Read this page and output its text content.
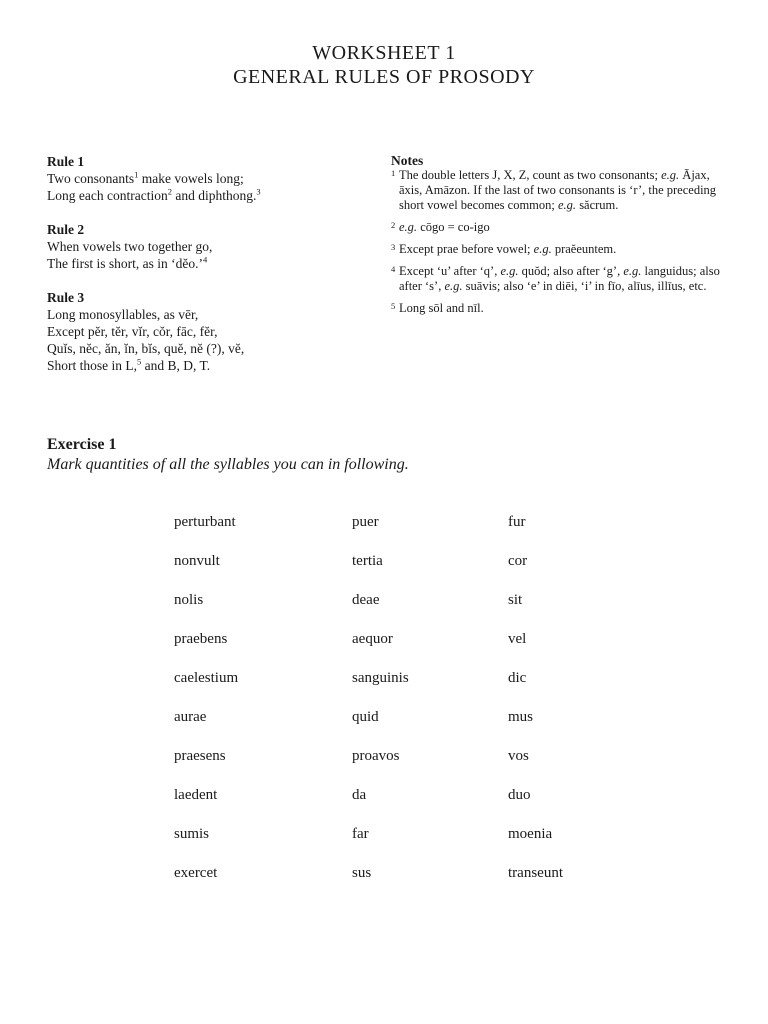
WORKSHEET 1
GENERAL RULES OF PROSODY
Rule 1
Two consonants$^1$ make vowels long;
Long each contraction$^2$ and diphthong.$^3$
Rule 2
When vowels two together go,
The first is short, as in ‘dĕo.’$^4$
Rule 3
Long monosyllables, as vēr,
Except pĕr, tĕr, vĭr, cŏr, fāc, fĕr,
Quĭs, nĕc, ăn, ĭn, bĭs, quĕ, nĕ (?), vĕ,
Short those in L,$^5$ and B, D, T.
Notes
1 The double letters J, X, Z, count as two consonants; e.g. Ājax, āxis, Amāzon. If the last of two consonants is ‘r’, the preceding short vowel becomes common; e.g. săcrum.
2 e.g. cōgo = co-igo
3 Except prae before vowel; e.g. praĕeuntem.
4 Except ‘u’ after ‘q’, e.g. quŏd; also after ‘g’, e.g. languidus; also after ‘s’, e.g. suāvis; also ‘e’ in diēi, ‘i’ in fīo, alīus, illīus, etc.
5 Long sōl and nīl.
Exercise 1
Mark quantities of all the syllables you can in following.
perturbant	puer	fur
nonvult	tertia	cor
nolis	deae	sit
praebens	aequor	vel
caelestium	sanguinis	dic
aurae	quid	mus
praesens	proavos	vos
laedent	da	duo
sumis	far	moenia
exercet	sus	transeunt
